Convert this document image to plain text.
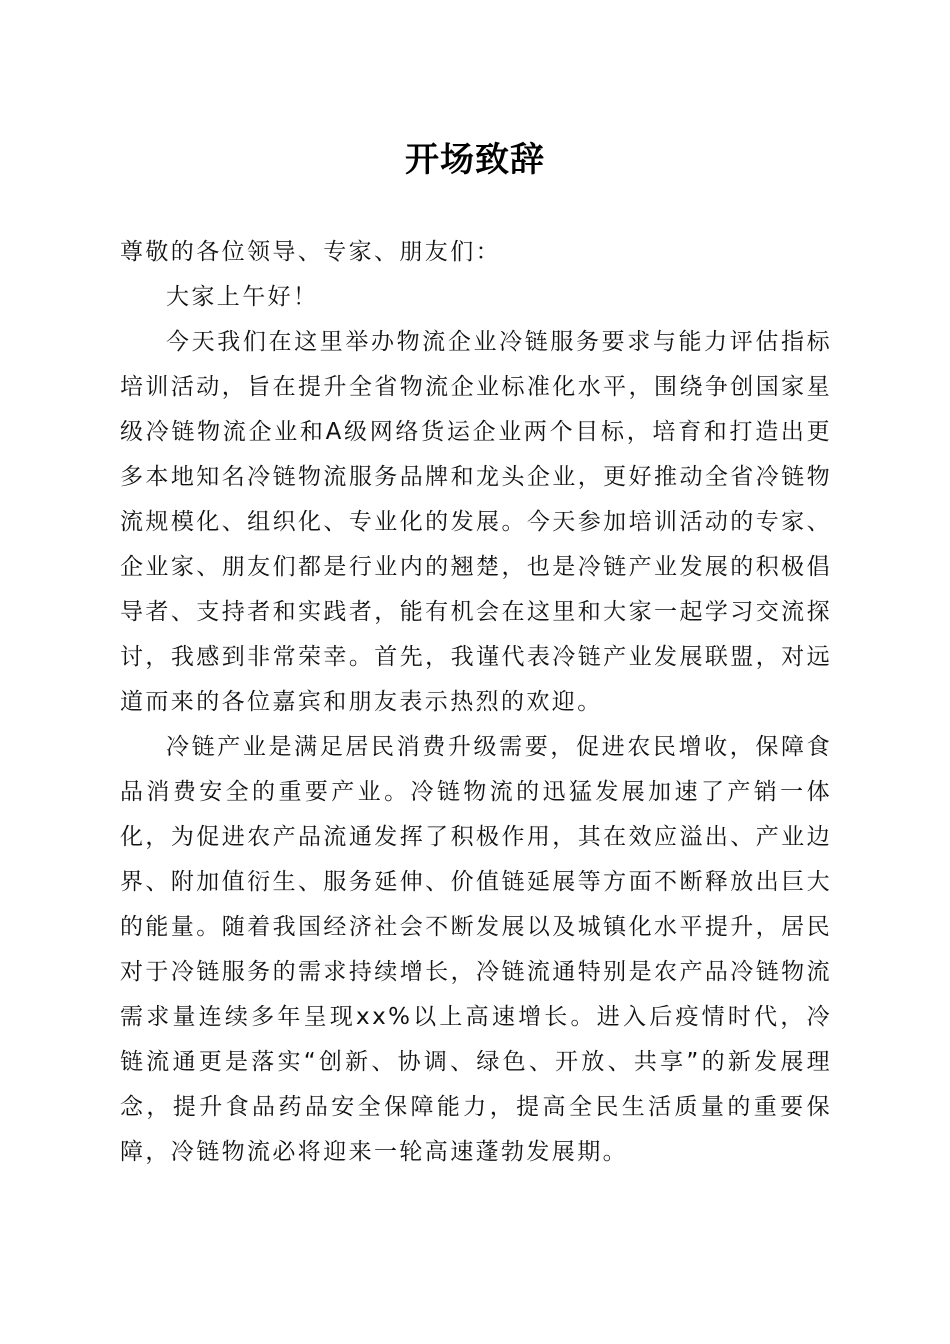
开场致辞

尊敬的各位领导、专家、朋友们：

大家上午好！

今天我们在这里举办物流企业冷链服务要求与能力评估指标培训活动，旨在提升全省物流企业标准化水平，围绕争创国家星级冷链物流企业和A级网络货运企业两个目标，培育和打造出更多本地知名冷链物流服务品牌和龙头企业，更好推动全省冷链物流规模化、组织化、专业化的发展。今天参加培训活动的专家、企业家、朋友们都是行业内的翘楚，也是冷链产业发展的积极倡导者、支持者和实践者，能有机会在这里和大家一起学习交流探讨，我感到非常荣幸。首先，我谨代表冷链产业发展联盟，对远道而来的各位嘉宾和朋友表示热烈的欢迎。

冷链产业是满足居民消费升级需要，促进农民增收，保障食品消费安全的重要产业。冷链物流的迅猛发展加速了产销一体化，为促进农产品流通发挥了积极作用，其在效应溢出、产业边界、附加值衍生、服务延伸、价值链延展等方面不断释放出巨大的能量。随着我国经济社会不断发展以及城镇化水平提升，居民对于冷链服务的需求持续增长，冷链流通特别是农产品冷链物流需求量连续多年呈现xx%以上高速增长。进入后疫情时代，冷链流通更是落实“创新、协调、绿色、开放、共享”的新发展理念，提升食品药品安全保障能力，提高全民生活质量的重要保障，冷链物流必将迎来一轮高速蓬勃发展期。
